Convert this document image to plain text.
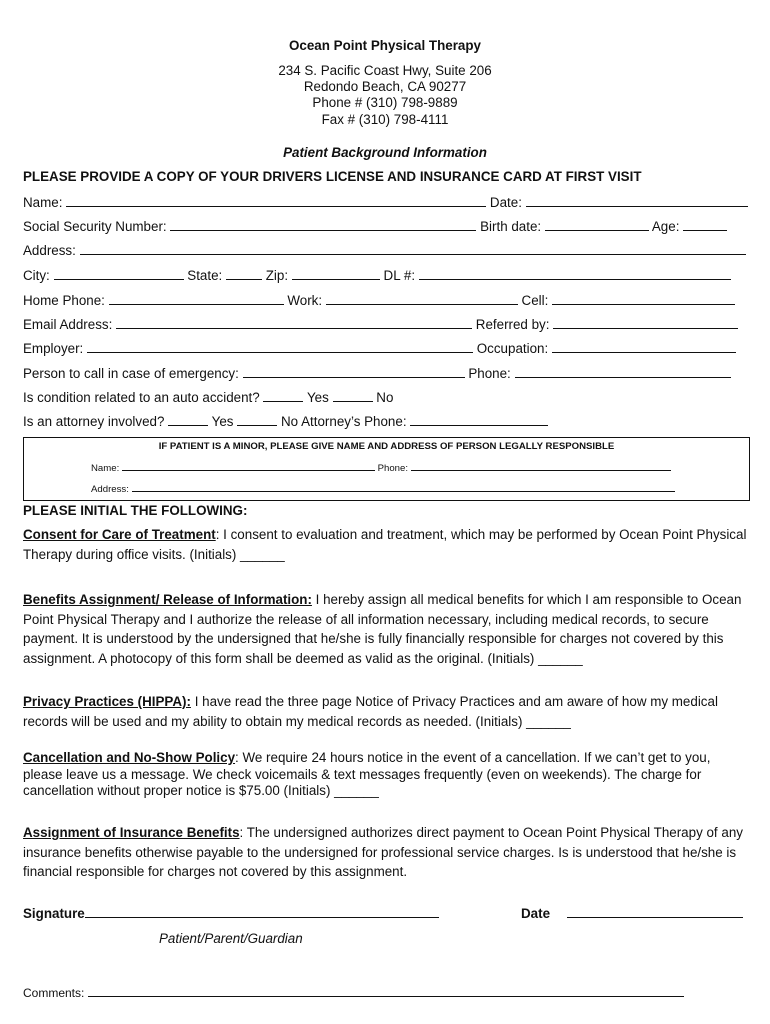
Ocean Point Physical Therapy
234 S. Pacific Coast Hwy, Suite 206
Redondo Beach, CA 90277
Phone # (310) 798-9889
Fax # (310) 798-4111
Patient Background Information
PLEASE PROVIDE A COPY OF YOUR DRIVERS LICENSE AND INSURANCE CARD AT FIRST VISIT
Name:	Date:
Social Security Number:	Birth date:	Age:
Address:
City:	State:	Zip:	DL #:
Home Phone:	Work:	Cell:
Email Address:	Referred by:
Employer:	Occupation:
Person to call in case of emergency:	Phone:
Is condition related to an auto accident?	Yes	No
Is an attorney involved?	Yes	No Attorney’s Phone:
IF PATIENT IS A MINOR, PLEASE GIVE NAME AND ADDRESS OF PERSON LEGALLY RESPONSIBLE
Name:	Phone:
Address:
PLEASE INITIAL THE FOLLOWING:
Consent for Care of Treatment: I consent to evaluation and treatment, which may be performed by Ocean Point Physical Therapy during office visits. (Initials) ______
Benefits Assignment/ Release of Information: I hereby assign all medical benefits for which I am responsible to Ocean Point Physical Therapy and I authorize the release of all information necessary, including medical records, to secure payment. It is understood by the undersigned that he/she is fully financially responsible for charges not covered by this assignment. A photocopy of this form shall be deemed as valid as the original. (Initials) ______
Privacy Practices (HIPPA): I have read the three page Notice of Privacy Practices and am aware of how my medical records will be used and my ability to obtain my medical records as needed. (Initials) ______
Cancellation and No-Show Policy: We require 24 hours notice in the event of a cancellation. If we can’t get to you, please leave us a message. We check voicemails & text messages frequently (even on weekends). The charge for cancellation without proper notice is $75.00 (Initials) ______
Assignment of Insurance Benefits: The undersigned authorizes direct payment to Ocean Point Physical Therapy of any insurance benefits otherwise payable to the undersigned for professional service charges. Is is understood that he/she is financial responsible for charges not covered by this assignment.
Signature	Date
Patient/Parent/Guardian
Comments:
